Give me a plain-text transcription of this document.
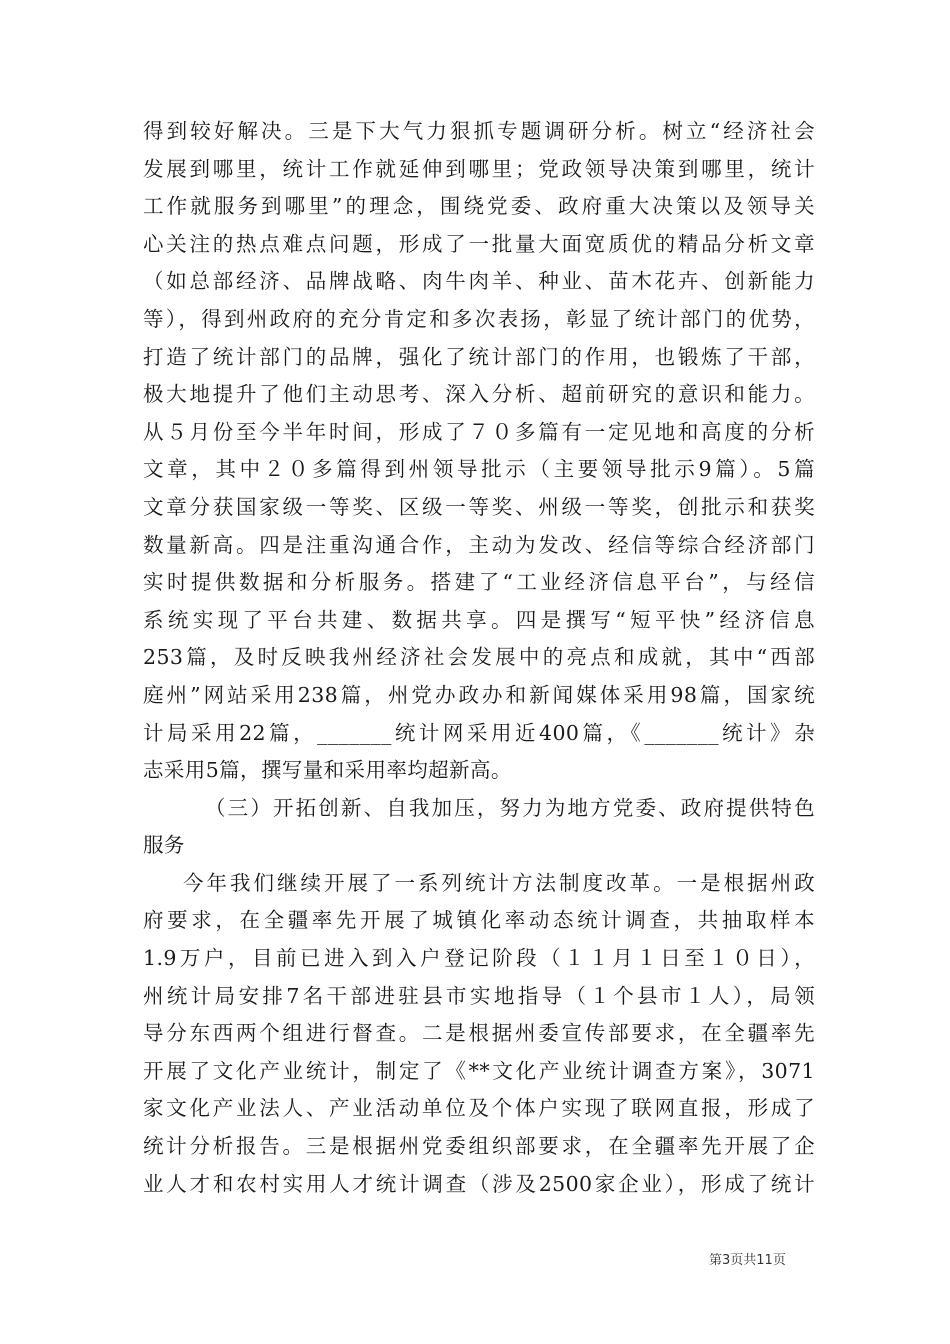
得到较好解决。三是下大气力狠抓专题调研分析。树立“经济社会
发展到哪里，统计工作就延伸到哪里；党政领导决策到哪里，统计
工作就服务到哪里”的理念，围绕党委、政府重大决策以及领导关
心关注的热点难点问题，形成了一批量大面宽质优的精品分析文章
（如总部经济、品牌战略、肉牛肉羊、种业、苗木花卉、创新能力
等），得到州政府的充分肯定和多次表扬，彰显了统计部门的优势，
打造了统计部门的品牌，强化了统计部门的作用，也锻炼了干部，
极大地提升了他们主动思考、深入分析、超前研究的意识和能力。
从５月份至今半年时间，形成了７０多篇有一定见地和高度的分析
文章，其中２０多篇得到州领导批示（主要领导批示9篇）。5篇
文章分获国家级一等奖、区级一等奖、州级一等奖，创批示和获奖
数量新高。四是注重沟通合作，主动为发改、经信等综合经济部门
实时提供数据和分析服务。搭建了“工业经济信息平台”，与经信
系统实现了平台共建、数据共享。四是撰写“短平快”经济信息
253篇，及时反映我州经济社会发展中的亮点和成就，其中“西部
庭州”网站采用238篇，州党办政办和新闻媒体采用98篇，国家统
计局采用22篇，_______统计网采用近400篇，《_______统计》杂
志采用5篇，撰写量和采用率均超新高。
（三）开拓创新、自我加压，努力为地方党委、政府提供特色
服务
今年我们继续开展了一系列统计方法制度改革。一是根据州政
府要求，在全疆率先开展了城镇化率动态统计调查，共抽取样本
1.9万户，目前已进入到入户登记阶段（１１月１日至１０日），
州统计局安排7名干部进驻县市实地指导（１个县市１人），局领
导分东西两个组进行督查。二是根据州委宣传部要求，在全疆率先
开展了文化产业统计，制定了《**文化产业统计调查方案》，3071
家文化产业法人、产业活动单位及个体户实现了联网直报，形成了
统计分析报告。三是根据州党委组织部要求，在全疆率先开展了企
业人才和农村实用人才统计调查（涉及2500家企业），形成了统计
第3页共11页
